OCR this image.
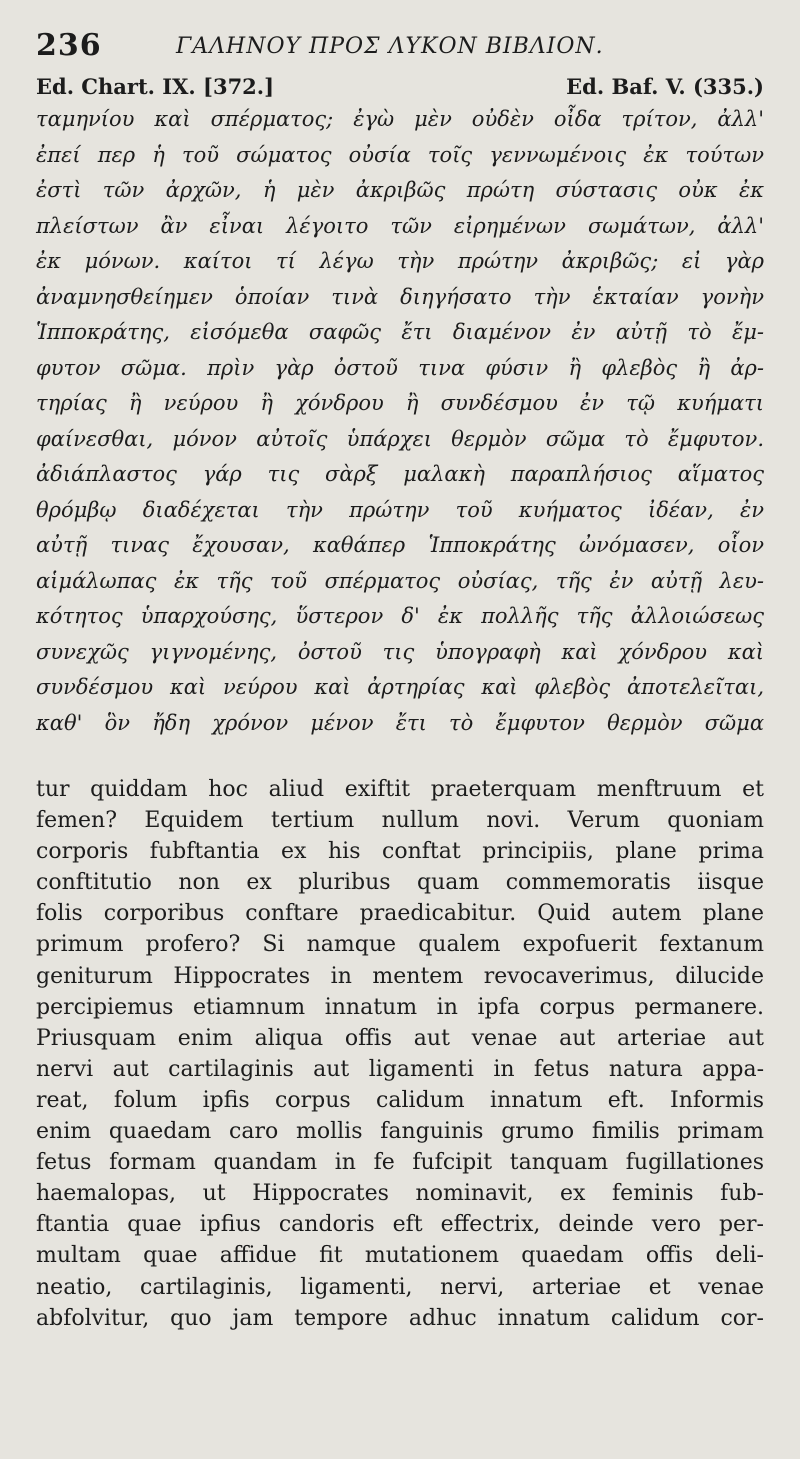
236	ΓΑΛΗΝΟΥ ΠΡΟΣ ΛΥΚΟΝ ΒΙΒΛΙΟΝ.
Ed. Chart. IX. [372.]	Ed. Baf. V. (335.)
ταμηνίου καὶ σπέρματος; ἐγὼ μὲν οὐδὲν οἶδα τρίτον, ἀλλ'
ἐπεί περ ἡ τοῦ σώματος οὐσία τοῖς γεννωμένοις ἐκ τούτων
ἐστὶ τῶν ἀρχῶν, ἡ μὲν ἀκριβῶς πρώτη σύστασις οὐκ ἐκ
πλείστων ἂν εἶναι λέγοιτο τῶν εἰρημένων σωμάτων, ἀλλ'
ἐκ μόνων. καίτοι τί λέγω τὴν πρώτην ἀκριβῶς; εἰ γὰρ
ἀναμνησθείημεν ὁποίαν τινὰ διηγήσατο τὴν ἑκταίαν γονὴν
Ἱπποκράτης, εἰσόμεθα σαφῶς ἔτι διαμένον ἐν αὐτῇ τὸ ἔμ-
φυτον σῶμα. πρὶν γὰρ ὀστοῦ τινα φύσιν ἢ φλεβὸς ἢ ἀρ-
τηρίας ἢ νεύρου ἢ χόνδρου ἢ συνδέσμου ἐν τῷ κυήματι
φαίνεσθαι, μόνον αὐτοῖς ὑπάρχει θερμὸν σῶμα τὸ ἔμφυτον.
ἀδιάπλαστος γάρ τις σὰρξ μαλακὴ παραπλήσιος αἵματος
θρόμβῳ διαδέχεται τὴν πρώτην τοῦ κυήματος ἰδέαν, ἐν
αὐτῇ τινας ἔχουσαν, καθάπερ Ἱπποκράτης ὠνόμασεν, οἷον
αἱμάλωπας ἐκ τῆς τοῦ σπέρματος οὐσίας, τῆς ἐν αὐτῇ λευ-
κότητος ὑπαρχούσης, ὕστερον δ' ἐκ πολλῆς τῆς ἀλλοιώσεως
συνεχῶς γιγνομένης, ὀστοῦ τις ὑπογραφὴ καὶ χόνδρου καὶ
συνδέσμου καὶ νεύρου καὶ ἀρτηρίας καὶ φλεβὸς ἀποτελεῖται,
καθ' ὃν ἤδη χρόνον μένον ἔτι τὸ ἔμφυτον θερμὸν σῶμα
tur quiddam hoc aliud exiftit praeterquam menftruum et
femen? Equidem tertium nullum novi. Verum quoniam
corporis fubftantia ex his conftat principiis, plane prima
conftitutio non ex pluribus quam commemoratis iisque
folis corporibus conftare praedicabitur. Quid autem plane
primum profero? Si namque qualem expofuerit fextanum
geniturum Hippocrates in mentem revocaverimus, dilucide
percipiemus etiamnum innatum in ipfa corpus permanere.
Priusquam enim aliqua offis aut venae aut arteriae aut
nervi aut cartilaginis aut ligamenti in fetus natura appa-
reat, folum ipfis corpus calidum innatum eft. Informis
enim quaedam caro mollis fanguinis grumo fimilis primam
fetus formam quandam in fe fufcipit tanquam fugillationes
haemalopas, ut Hippocrates nominavit, ex feminis fub-
ftantia quae ipfius candoris eft effectrix, deinde vero per-
multam quae affidue fit mutationem quaedam offis deli-
neatio, cartilaginis, ligamenti, nervi, arteriae et venae
abfolvitur, quo jam tempore adhuc innatum calidum cor-
